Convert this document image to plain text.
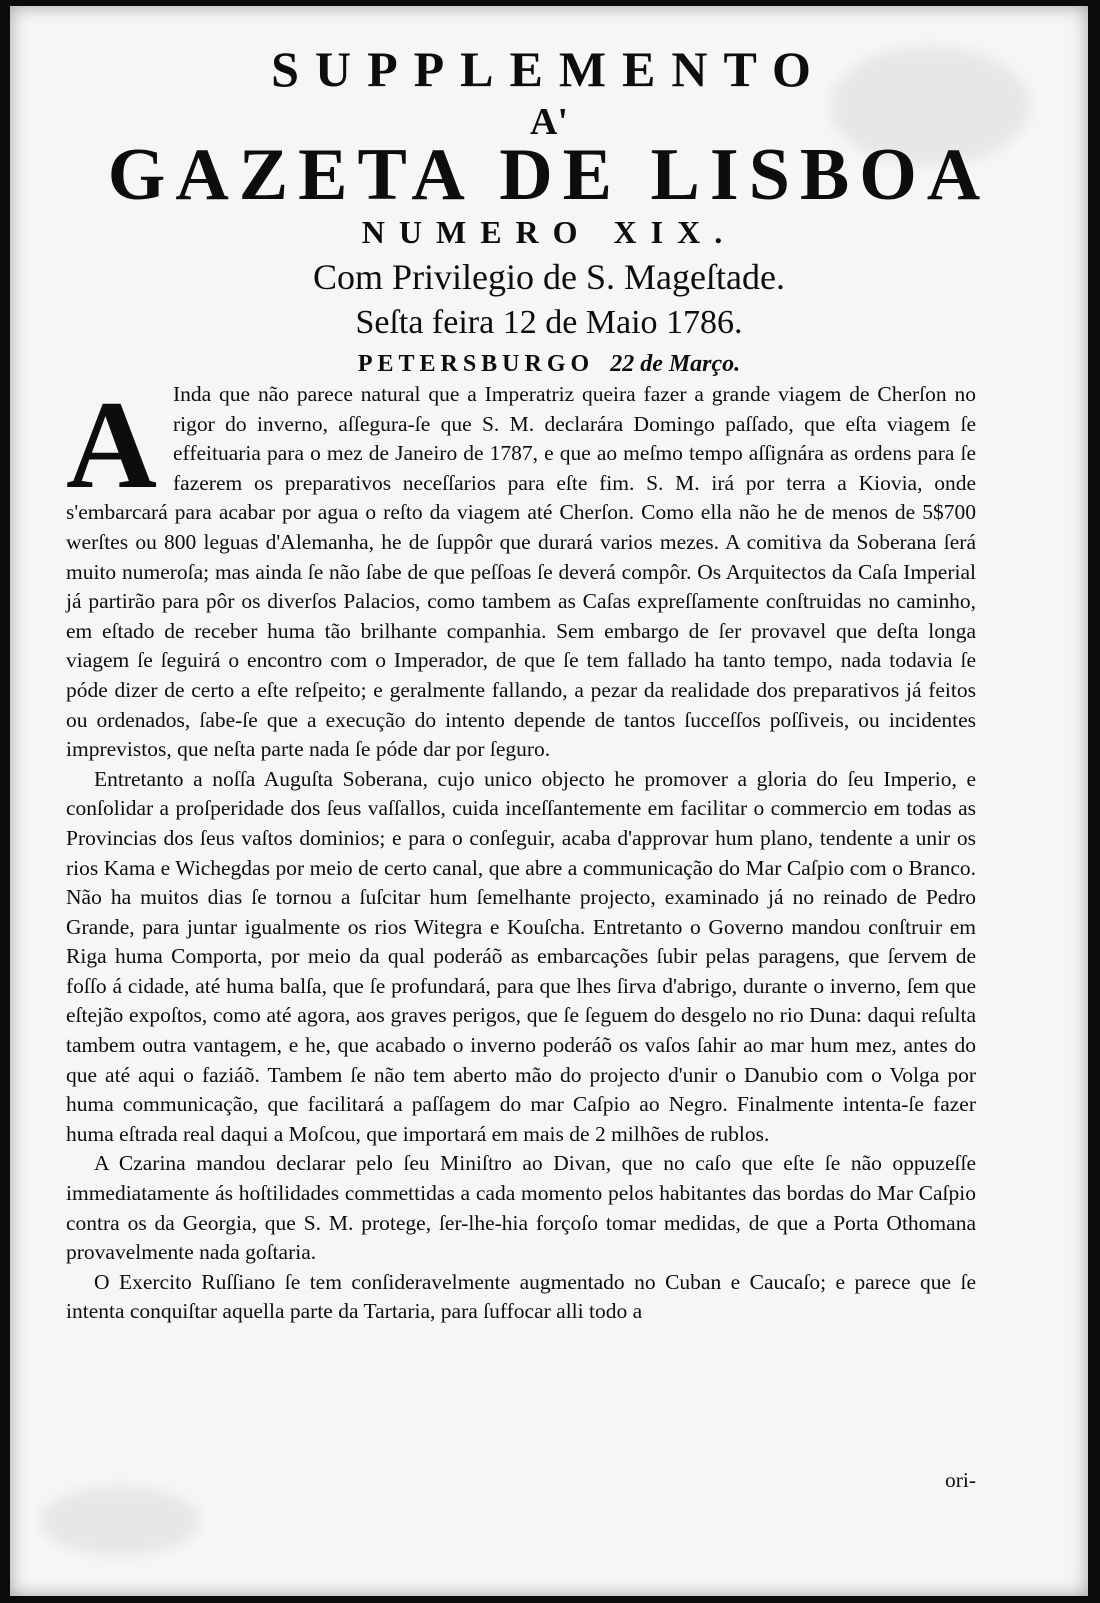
SUPPLEMENTO
A'
GAZETA DE LISBOA
NUMERO XIX.
Com Privilegio de S. Mageſtade.
Seſta feira 12 de Maio 1786.
PETERSBURGO 22 de Março.

A Inda que não parece natural que a Imperatriz queira fazer a grande viagem de Cherſon no rigor do inverno, aſſegura-ſe que S. M. declarára Domingo paſſado, que eſta viagem ſe effeituaria para o mez de Janeiro de 1787, e que ao meſmo tempo aſſignára as ordens para ſe fazerem os preparativos neceſſarios para eſte fim. S. M. irá por terra a Kiovia, onde s'embarcará para acabar por agua o reſto da viagem até Cherſon. Como ella não he de menos de 5$700 werſtes ou 800 leguas d'Alemanha, he de ſuppôr que durará varios mezes. A comitiva da Soberana ſerá muito numeroſa; mas ainda ſe não ſabe de que peſſoas ſe deverá compôr. Os Arquitectos da Caſa Imperial já partirão para pôr os diverſos Palacios, como tambem as Caſas expreſſamente conſtruidas no caminho, em eſtado de receber huma tão brilhante companhia. Sem embargo de ſer provavel que deſta longa viagem ſe ſeguirá o encontro com o Imperador, de que ſe tem fallado ha tanto tempo, nada todavia ſe póde dizer de certo a eſte reſpeito; e geralmente fallando, a pezar da realidade dos preparativos já feitos ou ordenados, ſabe-ſe que a execução do intento depende de tantos ſucceſſos poſſiveis, ou incidentes imprevistos, que neſta parte nada ſe póde dar por ſeguro.

Entretanto a noſſa Auguſta Soberana, cujo unico objecto he promover a gloria do ſeu Imperio, e conſolidar a proſperidade dos ſeus vaſſallos, cuida inceſſantemente em facilitar o commercio em todas as Provincias dos ſeus vaſtos dominios; e para o conſeguir, acaba d'approvar hum plano, tendente a unir os rios Kama e Wichegdas por meio de certo canal, que abre a communicação do Mar Caſpio com o Branco. Não ha muitos dias ſe tornou a ſuſcitar hum ſemelhante projecto, examinado já no reinado de Pedro Grande, para juntar igualmente os rios Witegra e Kouſcha. Entretanto o Governo mandou conſtruir em Riga huma Comporta, por meio da qual poderáõ as embarcações ſubir pelas paragens, que ſervem de foſſo á cidade, até huma balſa, que ſe profundará, para que lhes ſirva d'abrigo, durante o inverno, ſem que eſtejão expoſtos, como até agora, aos graves perigos, que ſe ſeguem do desgelo no rio Duna: daqui reſulta tambem outra vantagem, e he, que acabado o inverno poderáõ os vaſos ſahir ao mar hum mez, antes do que até aqui o faziáõ. Tambem ſe não tem aberto mão do projecto d'unir o Danubio com o Volga por huma communicação, que facilitará a paſſagem do mar Caſpio ao Negro. Finalmente intenta-ſe fazer huma eſtrada real daqui a Moſcou, que importará em mais de 2 milhões de rublos.

A Czarina mandou declarar pelo ſeu Miniſtro ao Divan, que no caſo que eſte ſe não oppuzeſſe immediatamente ás hoſtilidades commettidas a cada momento pelos habitantes das bordas do Mar Caſpio contra os da Georgia, que S. M. protege, ſer-lhe-hia forçoſo tomar medidas, de que a Porta Othomana provavelmente nada goſtaria.

O Exercito Ruſſiano ſe tem conſideravelmente augmentado no Cuban e Caucaſo; e parece que ſe intenta conquiſtar aquella parte da Tartaria, para ſuffocar alli todo a

ori-
